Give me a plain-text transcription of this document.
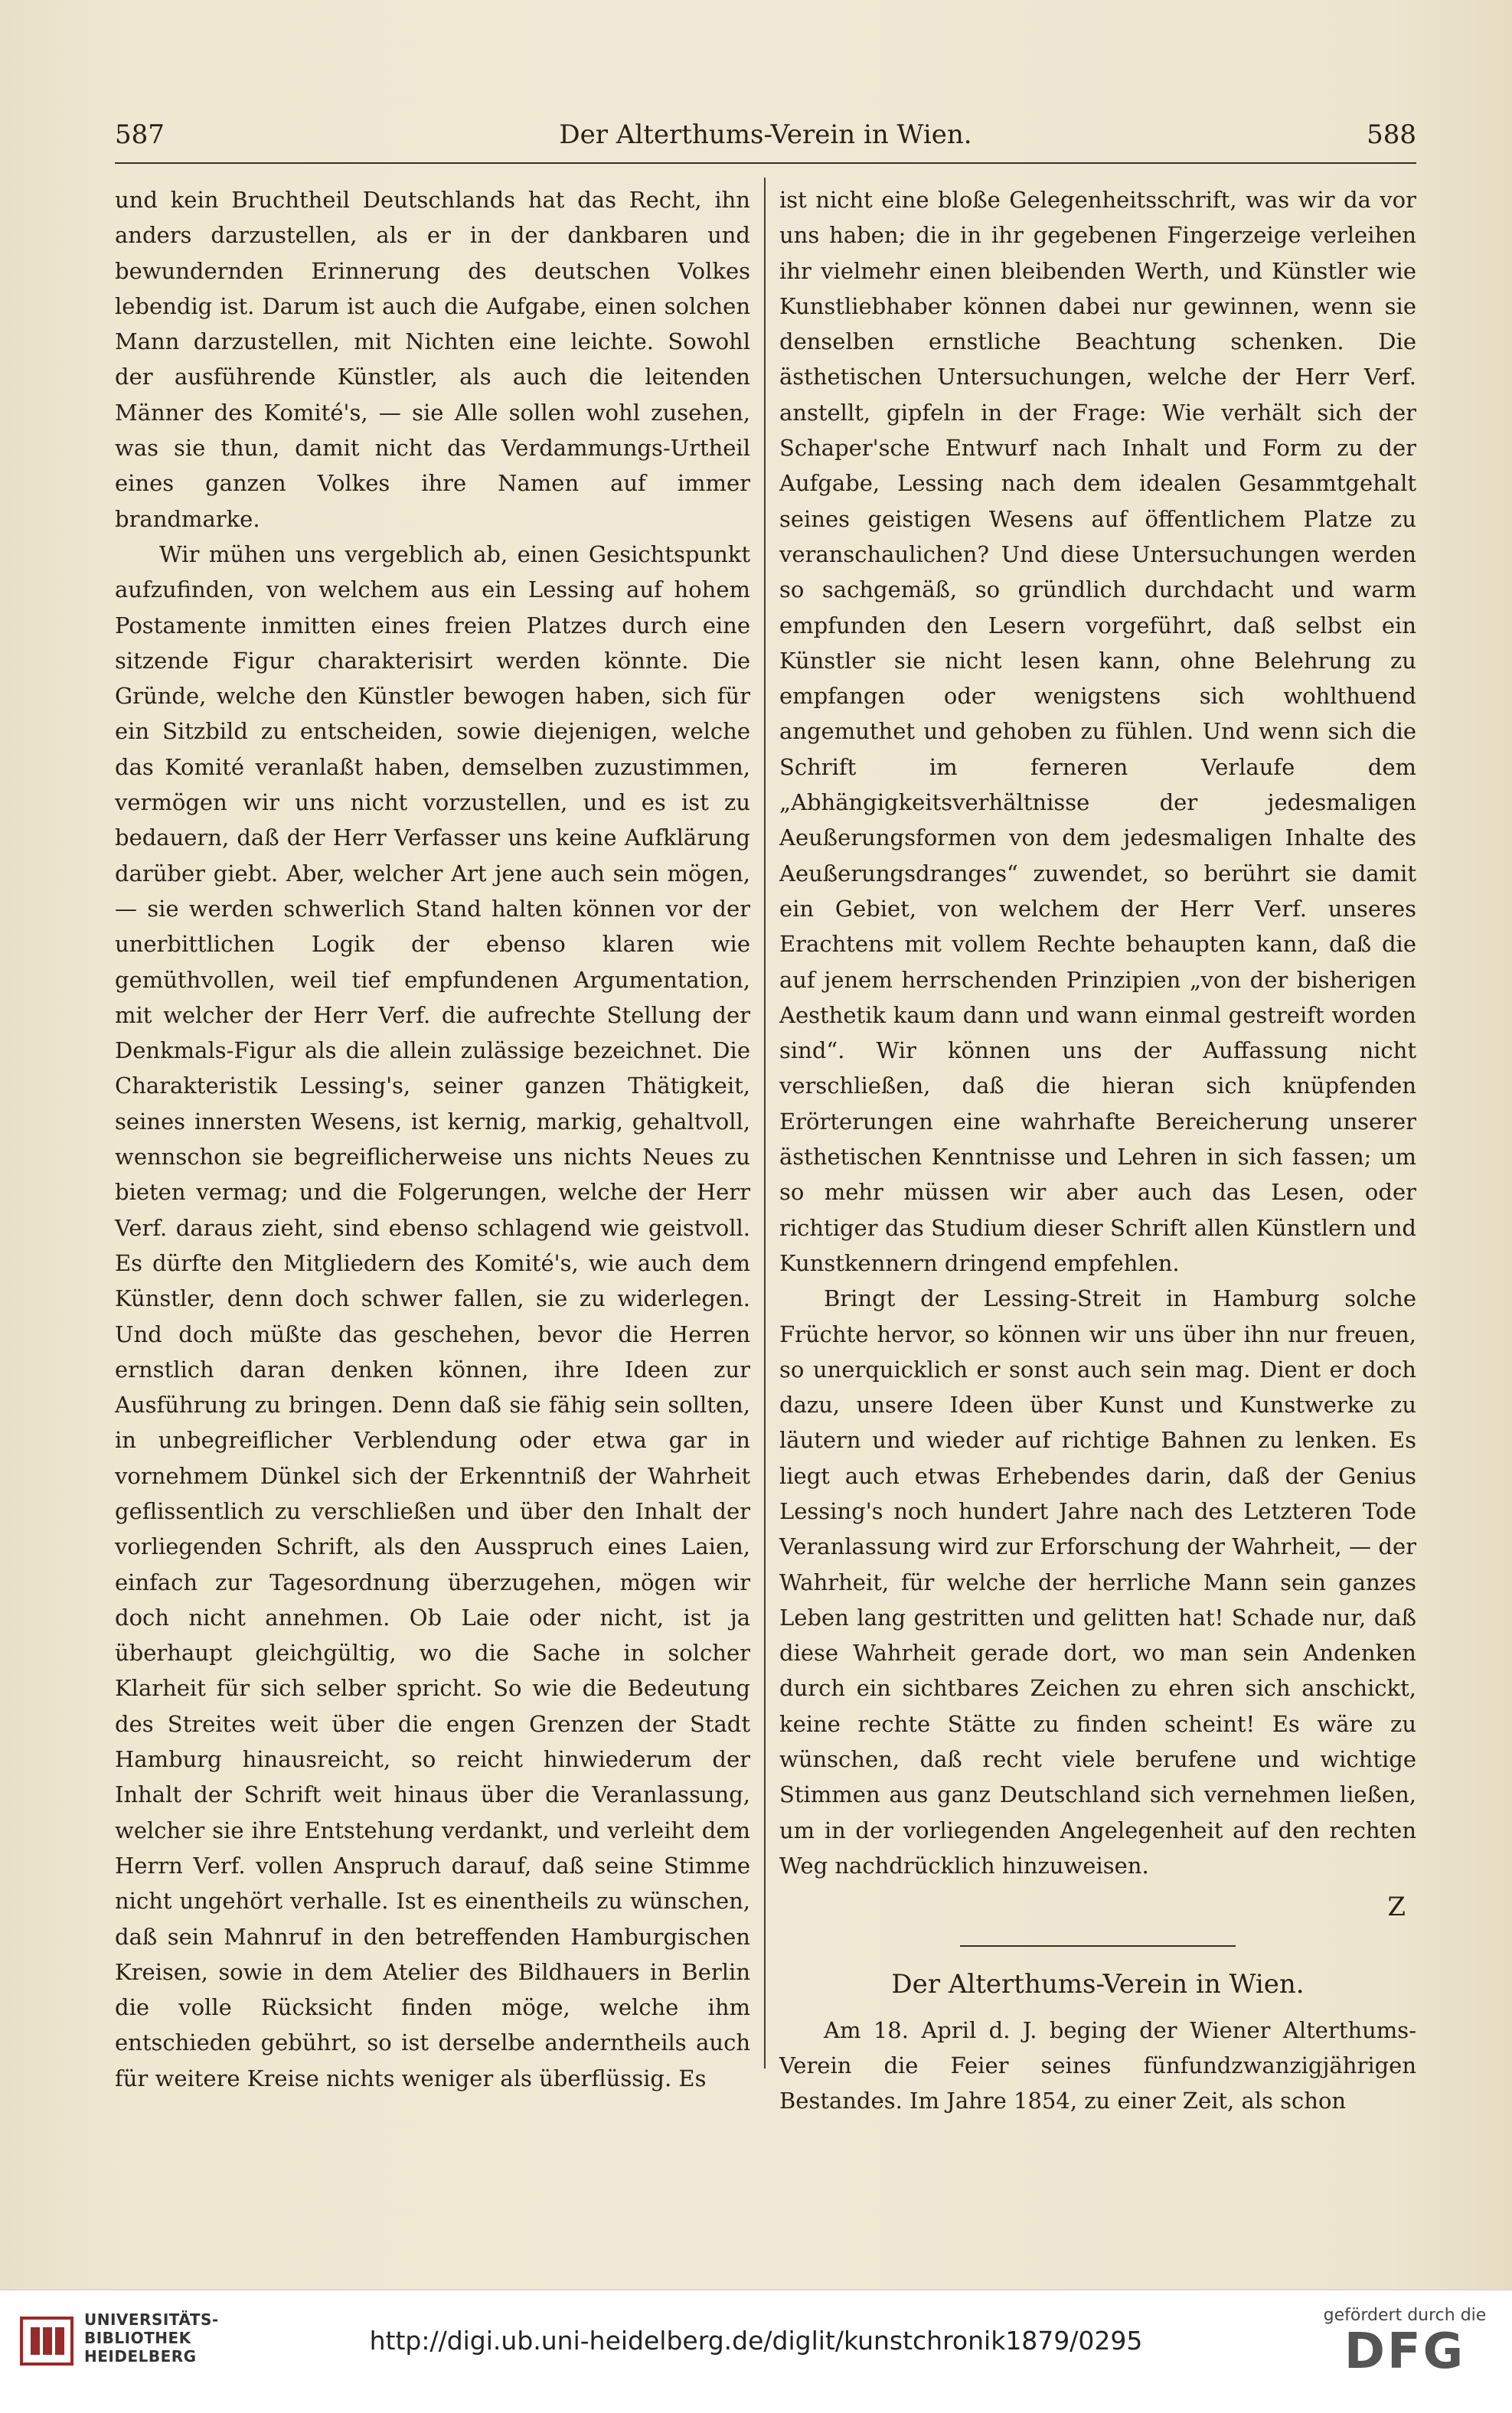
587	Der Alterthums-Verein in Wien.	588

und kein Bruchtheil Deutschlands hat das Recht, ihn anders darzustellen, als er in der dankbaren und bewundernden Erinnerung des deutschen Volkes lebendig ist. Darum ist auch die Aufgabe, einen solchen Mann darzustellen, mit Nichten eine leichte. Sowohl der ausführende Künstler, als auch die leitenden Männer des Komité's, — sie Alle sollen wohl zusehen, was sie thun, damit nicht das Verdammungs-Urtheil eines ganzen Volkes ihre Namen auf immer brandmarke.

Wir mühen uns vergeblich ab, einen Gesichtspunkt aufzufinden, von welchem aus ein Lessing auf hohem Postamente inmitten eines freien Platzes durch eine sitzende Figur charakterisirt werden könnte. Die Gründe, welche den Künstler bewogen haben, sich für ein Sitzbild zu entscheiden, sowie diejenigen, welche das Komité veranlaßt haben, demselben zuzustimmen, vermögen wir uns nicht vorzustellen, und es ist zu bedauern, daß der Herr Verfasser uns keine Aufklärung darüber giebt. Aber, welcher Art jene auch sein mögen, — sie werden schwerlich Stand halten können vor der unerbittlichen Logik der ebenso klaren wie gemüthvollen, weil tief empfundenen Argumentation, mit welcher der Herr Verf. die aufrechte Stellung der Denkmals-Figur als die allein zulässige bezeichnet. Die Charakteristik Lessing's, seiner ganzen Thätigkeit, seines innersten Wesens, ist kernig, markig, gehaltvoll, wennschon sie begreiflicherweise uns nichts Neues zu bieten vermag; und die Folgerungen, welche der Herr Verf. daraus zieht, sind ebenso schlagend wie geistvoll. Es dürfte den Mitgliedern des Komité's, wie auch dem Künstler, denn doch schwer fallen, sie zu widerlegen. Und doch müßte das geschehen, bevor die Herren ernstlich daran denken können, ihre Ideen zur Ausführung zu bringen. Denn daß sie fähig sein sollten, in unbegreiflicher Verblendung oder etwa gar in vornehmem Dünkel sich der Erkenntniß der Wahrheit geflissentlich zu verschließen und über den Inhalt der vorliegenden Schrift, als den Ausspruch eines Laien, einfach zur Tagesordnung überzugehen, mögen wir doch nicht annehmen. Ob Laie oder nicht, ist ja überhaupt gleichgültig, wo die Sache in solcher Klarheit für sich selber spricht. So wie die Bedeutung des Streites weit über die engen Grenzen der Stadt Hamburg hinausreicht, so reicht hinwiederum der Inhalt der Schrift weit hinaus über die Veranlassung, welcher sie ihre Entstehung verdankt, und verleiht dem Herrn Verf. vollen Anspruch darauf, daß seine Stimme nicht ungehört verhalle. Ist es einentheils zu wünschen, daß sein Mahnruf in den betreffenden Hamburgischen Kreisen, sowie in dem Atelier des Bildhauers in Berlin die volle Rücksicht finden möge, welche ihm entschieden gebührt, so ist derselbe anderntheils auch für weitere Kreise nichts weniger als überflüssig. Es

ist nicht eine bloße Gelegenheitsschrift, was wir da vor uns haben; die in ihr gegebenen Fingerzeige verleihen ihr vielmehr einen bleibenden Werth, und Künstler wie Kunstliebhaber können dabei nur gewinnen, wenn sie denselben ernstliche Beachtung schenken. Die ästhetischen Untersuchungen, welche der Herr Verf. anstellt, gipfeln in der Frage: Wie verhält sich der Schaper'sche Entwurf nach Inhalt und Form zu der Aufgabe, Lessing nach dem idealen Gesammtgehalt seines geistigen Wesens auf öffentlichem Platze zu veranschaulichen? Und diese Untersuchungen werden so sachgemäß, so gründlich durchdacht und warm empfunden den Lesern vorgeführt, daß selbst ein Künstler sie nicht lesen kann, ohne Belehrung zu empfangen oder wenigstens sich wohlthuend angemuthet und gehoben zu fühlen. Und wenn sich die Schrift im ferneren Verlaufe dem „Abhängigkeitsverhältnisse der jedesmaligen Aeußerungsformen von dem jedesmaligen Inhalte des Aeußerungsdranges“ zuwendet, so berührt sie damit ein Gebiet, von welchem der Herr Verf. unseres Erachtens mit vollem Rechte behaupten kann, daß die auf jenem herrschenden Prinzipien „von der bisherigen Aesthetik kaum dann und wann einmal gestreift worden sind“. Wir können uns der Auffassung nicht verschließen, daß die hieran sich knüpfenden Erörterungen eine wahrhafte Bereicherung unserer ästhetischen Kenntnisse und Lehren in sich fassen; um so mehr müssen wir aber auch das Lesen, oder richtiger das Studium dieser Schrift allen Künstlern und Kunstkennern dringend empfehlen.

Bringt der Lessing-Streit in Hamburg solche Früchte hervor, so können wir uns über ihn nur freuen, so unerquicklich er sonst auch sein mag. Dient er doch dazu, unsere Ideen über Kunst und Kunstwerke zu läutern und wieder auf richtige Bahnen zu lenken. Es liegt auch etwas Erhebendes darin, daß der Genius Lessing's noch hundert Jahre nach des Letzteren Tode Veranlassung wird zur Erforschung der Wahrheit, — der Wahrheit, für welche der herrliche Mann sein ganzes Leben lang gestritten und gelitten hat! Schade nur, daß diese Wahrheit gerade dort, wo man sein Andenken durch ein sichtbares Zeichen zu ehren sich anschickt, keine rechte Stätte zu finden scheint! Es wäre zu wünschen, daß recht viele berufene und wichtige Stimmen aus ganz Deutschland sich vernehmen ließen, um in der vorliegenden Angelegenheit auf den rechten Weg nachdrücklich hinzuweisen.

Z
Der Alterthums-Verein in Wien.

Am 18. April d. J. beging der Wiener Alterthums-Verein die Feier seines fünfundzwanzigjährigen Bestandes. Im Jahre 1854, zu einer Zeit, als schon

UNIVERSITÄTS-
BIBLIOTHEK
HEIDELBERG
http://digi.ub.uni-heidelberg.de/diglit/kunstchronik1879/0295
gefördert durch die
DFG
